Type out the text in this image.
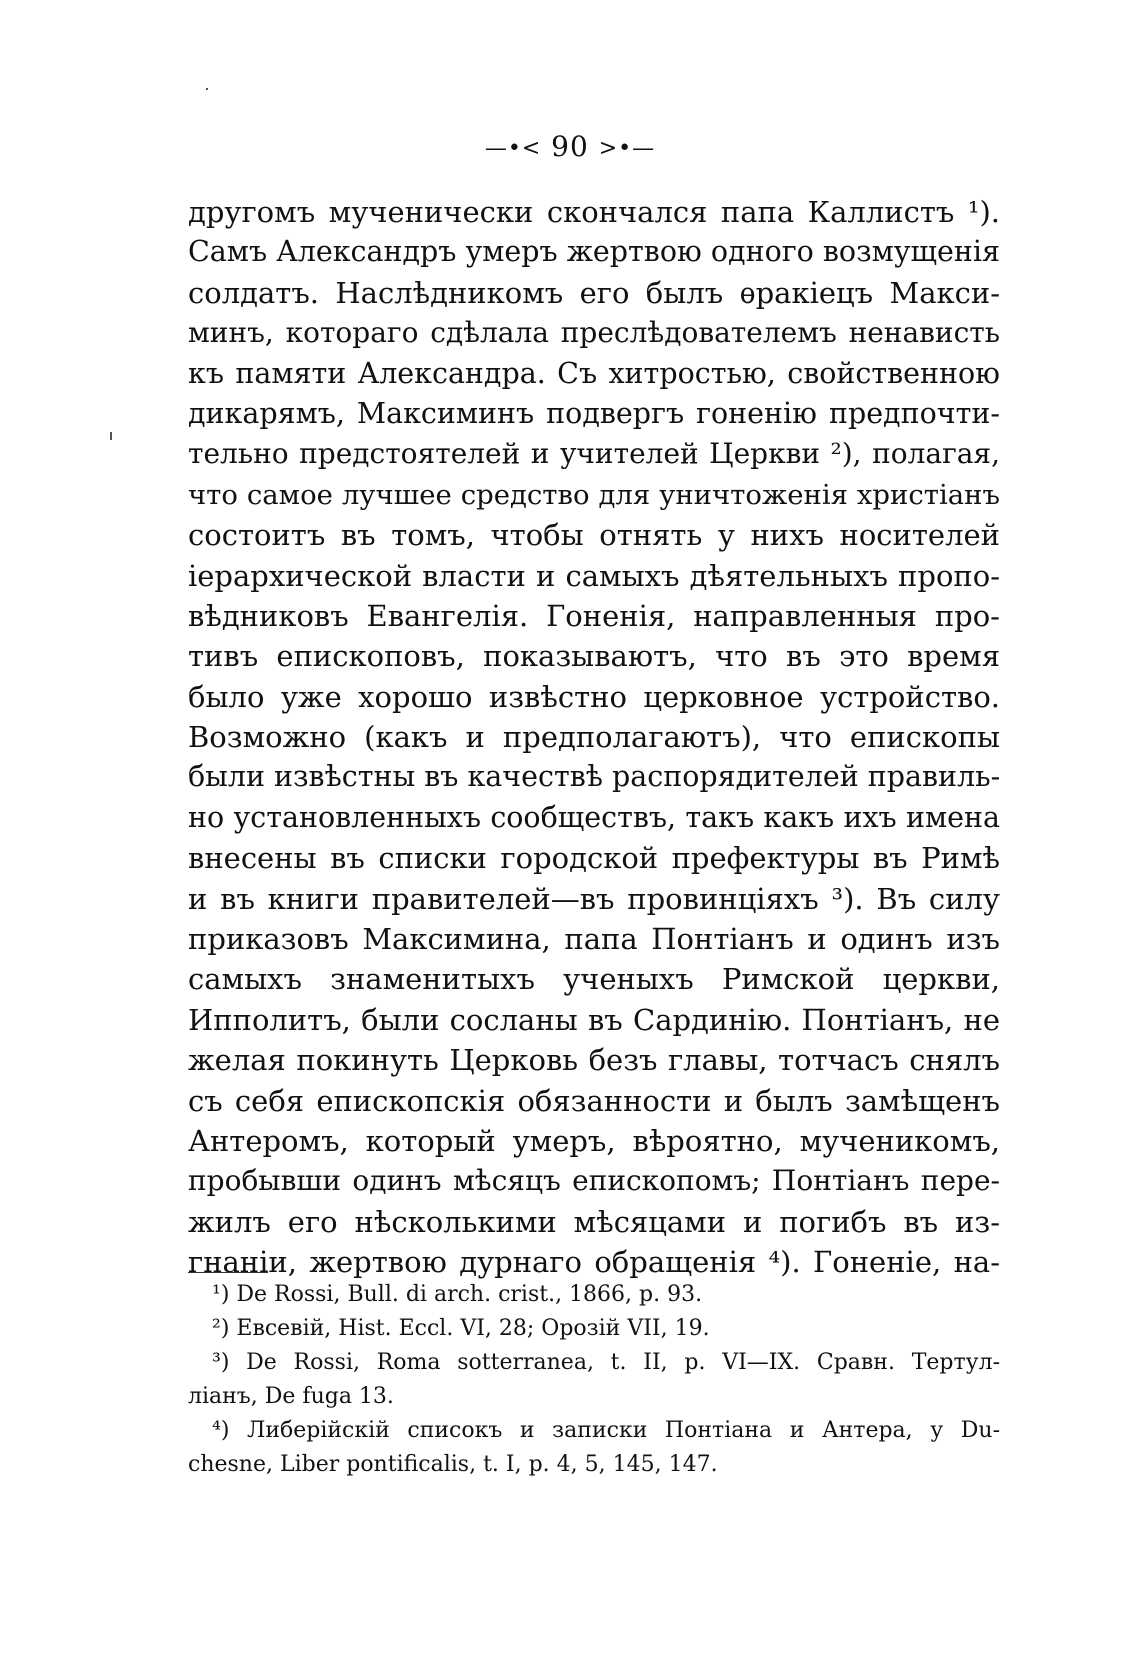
—•< 90 >•—
другомъ мученически скончался папа Каллистъ ¹).
Самъ Александръ умеръ жертвою одного возмущенія
солдатъ. Наслѣдникомъ его былъ ѳракіецъ Макси-
минъ, котораго сдѣлала преслѣдователемъ ненависть
къ памяти Александра. Съ хитростью, свойственною
дикарямъ, Максиминъ подвергъ гоненію предпочти-
тельно предстоятелей и учителей Церкви ²), полагая,
что самое лучшее средство для уничтоженія христіанъ
состоитъ въ томъ, чтобы отнять у нихъ носителей
іерархической власти и самыхъ дѣятельныхъ пропо-
вѣдниковъ Евангелія. Гоненія, направленныя про-
тивъ епископовъ, показываютъ, что въ это время
было уже хорошо извѣстно церковное устройство.
Возможно (какъ и предполагаютъ), что епископы
были извѣстны въ качествѣ распорядителей правиль-
но установленныхъ сообществъ, такъ какъ ихъ имена
внесены въ списки городской префектуры въ Римѣ
и въ книги правителей—въ провинціяхъ ³). Въ силу
приказовъ Максимина, папа Понтіанъ и одинъ изъ
самыхъ знаменитыхъ ученыхъ Римской церкви,
Ипполитъ, были сосланы въ Сардинію. Понтіанъ, не
желая покинуть Церковь безъ главы, тотчасъ снялъ
съ себя епископскія обязанности и былъ замѣщенъ
Антеромъ, который умеръ, вѣроятно, мученикомъ,
пробывши одинъ мѣсяцъ епископомъ; Понтіанъ пере-
жилъ его нѣсколькими мѣсяцами и погибъ въ из-
гнаніи, жертвою дурнаго обращенія ⁴). Гоненіе, на-
¹) De Rossi, Bull. di arch. crist., 1866, p. 93.
²) Евсевій, Hist. Eccl. VI, 28; Орозій VII, 19.
³) De Rossi, Roma sotterranea, t. II, p. VI—IX. Сравн. Тертул-
ліанъ, De fuga 13.
⁴) Либерійскій списокъ и записки Понтіана и Антера, у Du-
chesne, Liber pontificalis, t. I, p. 4, 5, 145, 147.
